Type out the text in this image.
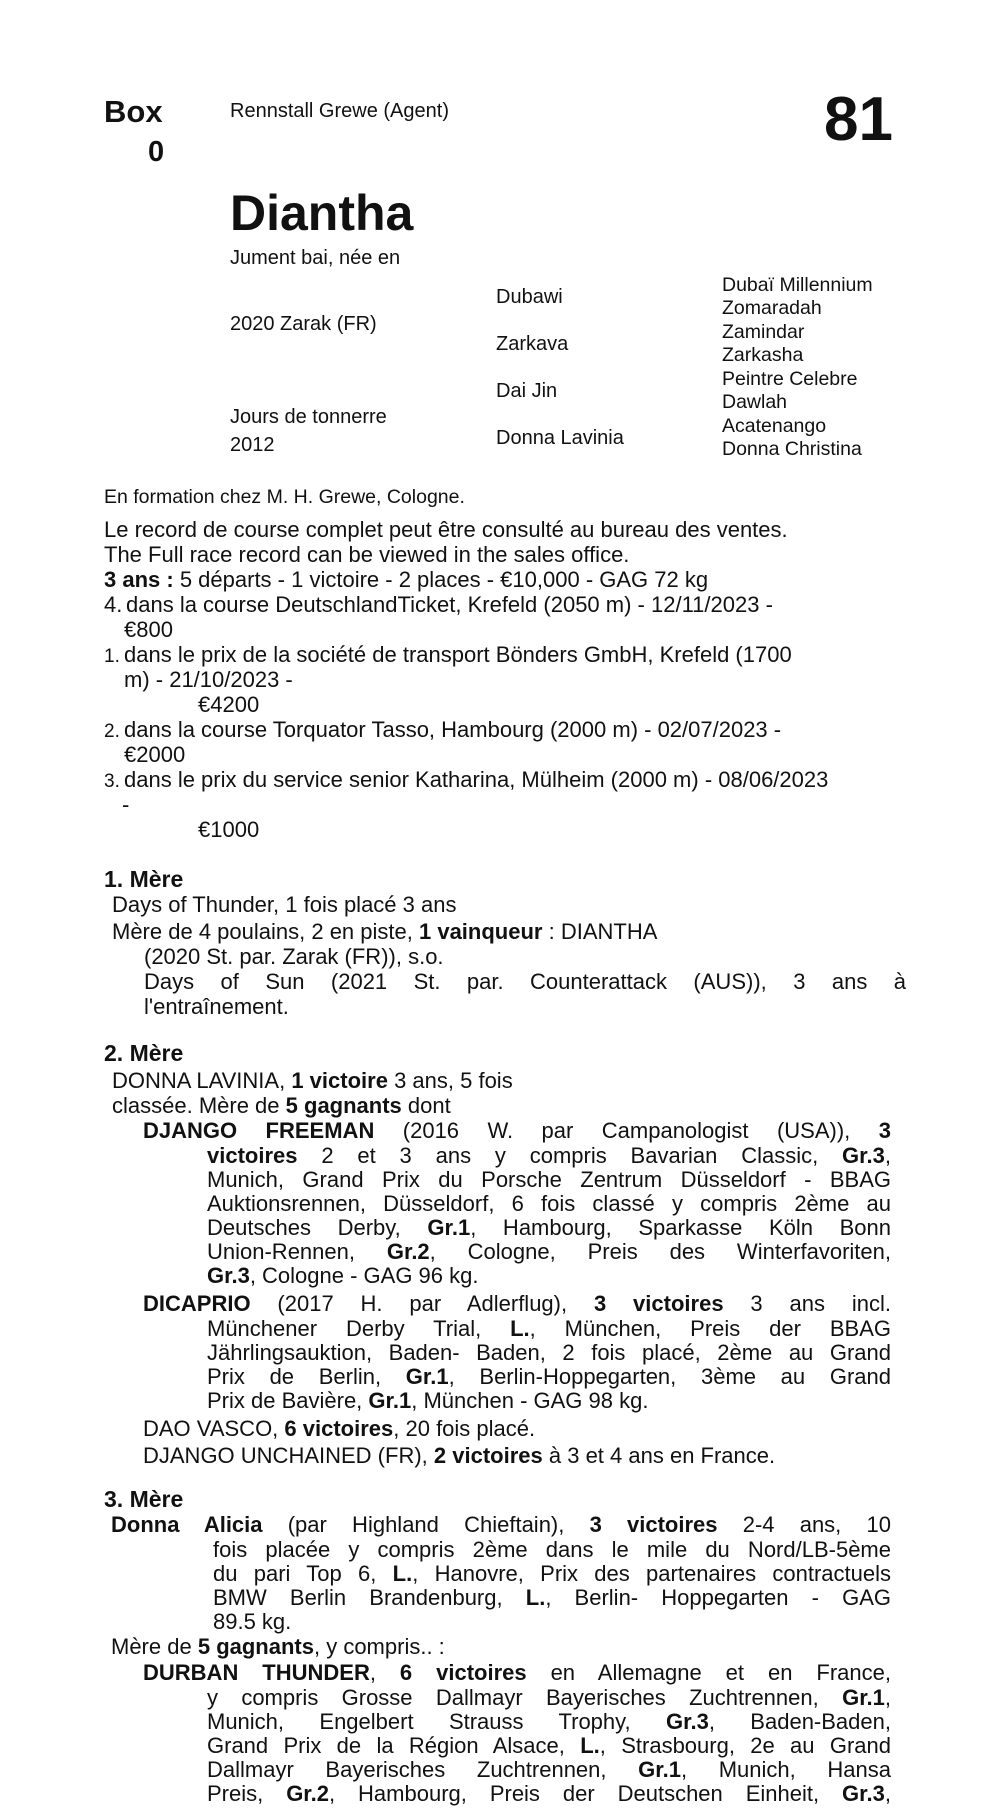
Box
0
Rennstall Grewe (Agent)	81
Diantha
Jument bai, née en
2020 Zarak (FR)
Jours de tonnerre
2012
Dubawi
Zarkava
Dai Jin
Donna Lavinia
Dubaï Millennium
Zomaradah
Zamindar
Zarkasha
Peintre Celebre
Dawlah
Acatenango
Donna Christina
En formation chez M. H. Grewe, Cologne.
Le record de course complet peut être consulté au bureau des ventes.
The Full race record can be viewed in the sales office.
3 ans : 5 départs - 1 victoire - 2 places - €10,000 - GAG 72 kg
4. dans la course DeutschlandTicket, Krefeld (2050 m) - 12/11/2023 -
€800
1. dans le prix de la société de transport Bönders GmbH, Krefeld (1700
m) - 21/10/2023 -
€4200
2. dans la course Torquator Tasso, Hambourg (2000 m) - 02/07/2023 -
€2000
3. dans le prix du service senior Katharina, Mülheim (2000 m) - 08/06/2023
-
€1000
1. Mère
Days of Thunder, 1 fois placé 3 ans
Mère de 4 poulains, 2 en piste, 1 vainqueur : DIANTHA
(2020 St. par. Zarak (FR)), s.o.
Days of Sun (2021 St. par. Counterattack (AUS)), 3 ans à
l'entraînement.
2. Mère
DONNA LAVINIA, 1 victoire 3 ans, 5 fois
classée. Mère de 5 gagnants dont
DJANGO FREEMAN (2016 W. par Campanologist (USA)), 3
victoires 2 et 3 ans y compris Bavarian Classic, Gr.3,
Munich, Grand Prix du Porsche Zentrum Düsseldorf - BBAG
Auktionsrennen, Düsseldorf, 6 fois classé y compris 2ème au
Deutsches Derby, Gr.1, Hambourg, Sparkasse Köln Bonn
Union-Rennen, Gr.2, Cologne, Preis des Winterfavoriten,
Gr.3, Cologne - GAG 96 kg.
DICAPRIO (2017 H. par Adlerflug), 3 victoires 3 ans incl.
Münchener Derby Trial, L., München, Preis der BBAG
Jährlingsauktion, Baden- Baden, 2 fois placé, 2ème au Grand
Prix de Berlin, Gr.1, Berlin-Hoppegarten, 3ème au Grand
Prix de Bavière, Gr.1, München - GAG 98 kg.
DAO VASCO, 6 victoires, 20 fois placé.
DJANGO UNCHAINED (FR), 2 victoires à 3 et 4 ans en France.
3. Mère
Donna Alicia (par Highland Chieftain), 3 victoires 2-4 ans, 10
fois placée y compris 2ème dans le mile du Nord/LB-5ème
du pari Top 6, L., Hanovre, Prix des partenaires contractuels
BMW Berlin Brandenburg, L., Berlin- Hoppegarten - GAG
89.5 kg.
Mère de 5 gagnants, y compris.. :
DURBAN THUNDER, 6 victoires en Allemagne et en France,
y compris Grosse Dallmayr Bayerisches Zuchtrennen, Gr.1,
Munich, Engelbert Strauss Trophy, Gr.3, Baden-Baden,
Grand Prix de la Région Alsace, L., Strasbourg, 2e au Grand
Dallmayr Bayerisches Zuchtrennen, Gr.1, Munich, Hansa
Preis, Gr.2, Hambourg, Preis der Deutschen Einheit, Gr.3,
